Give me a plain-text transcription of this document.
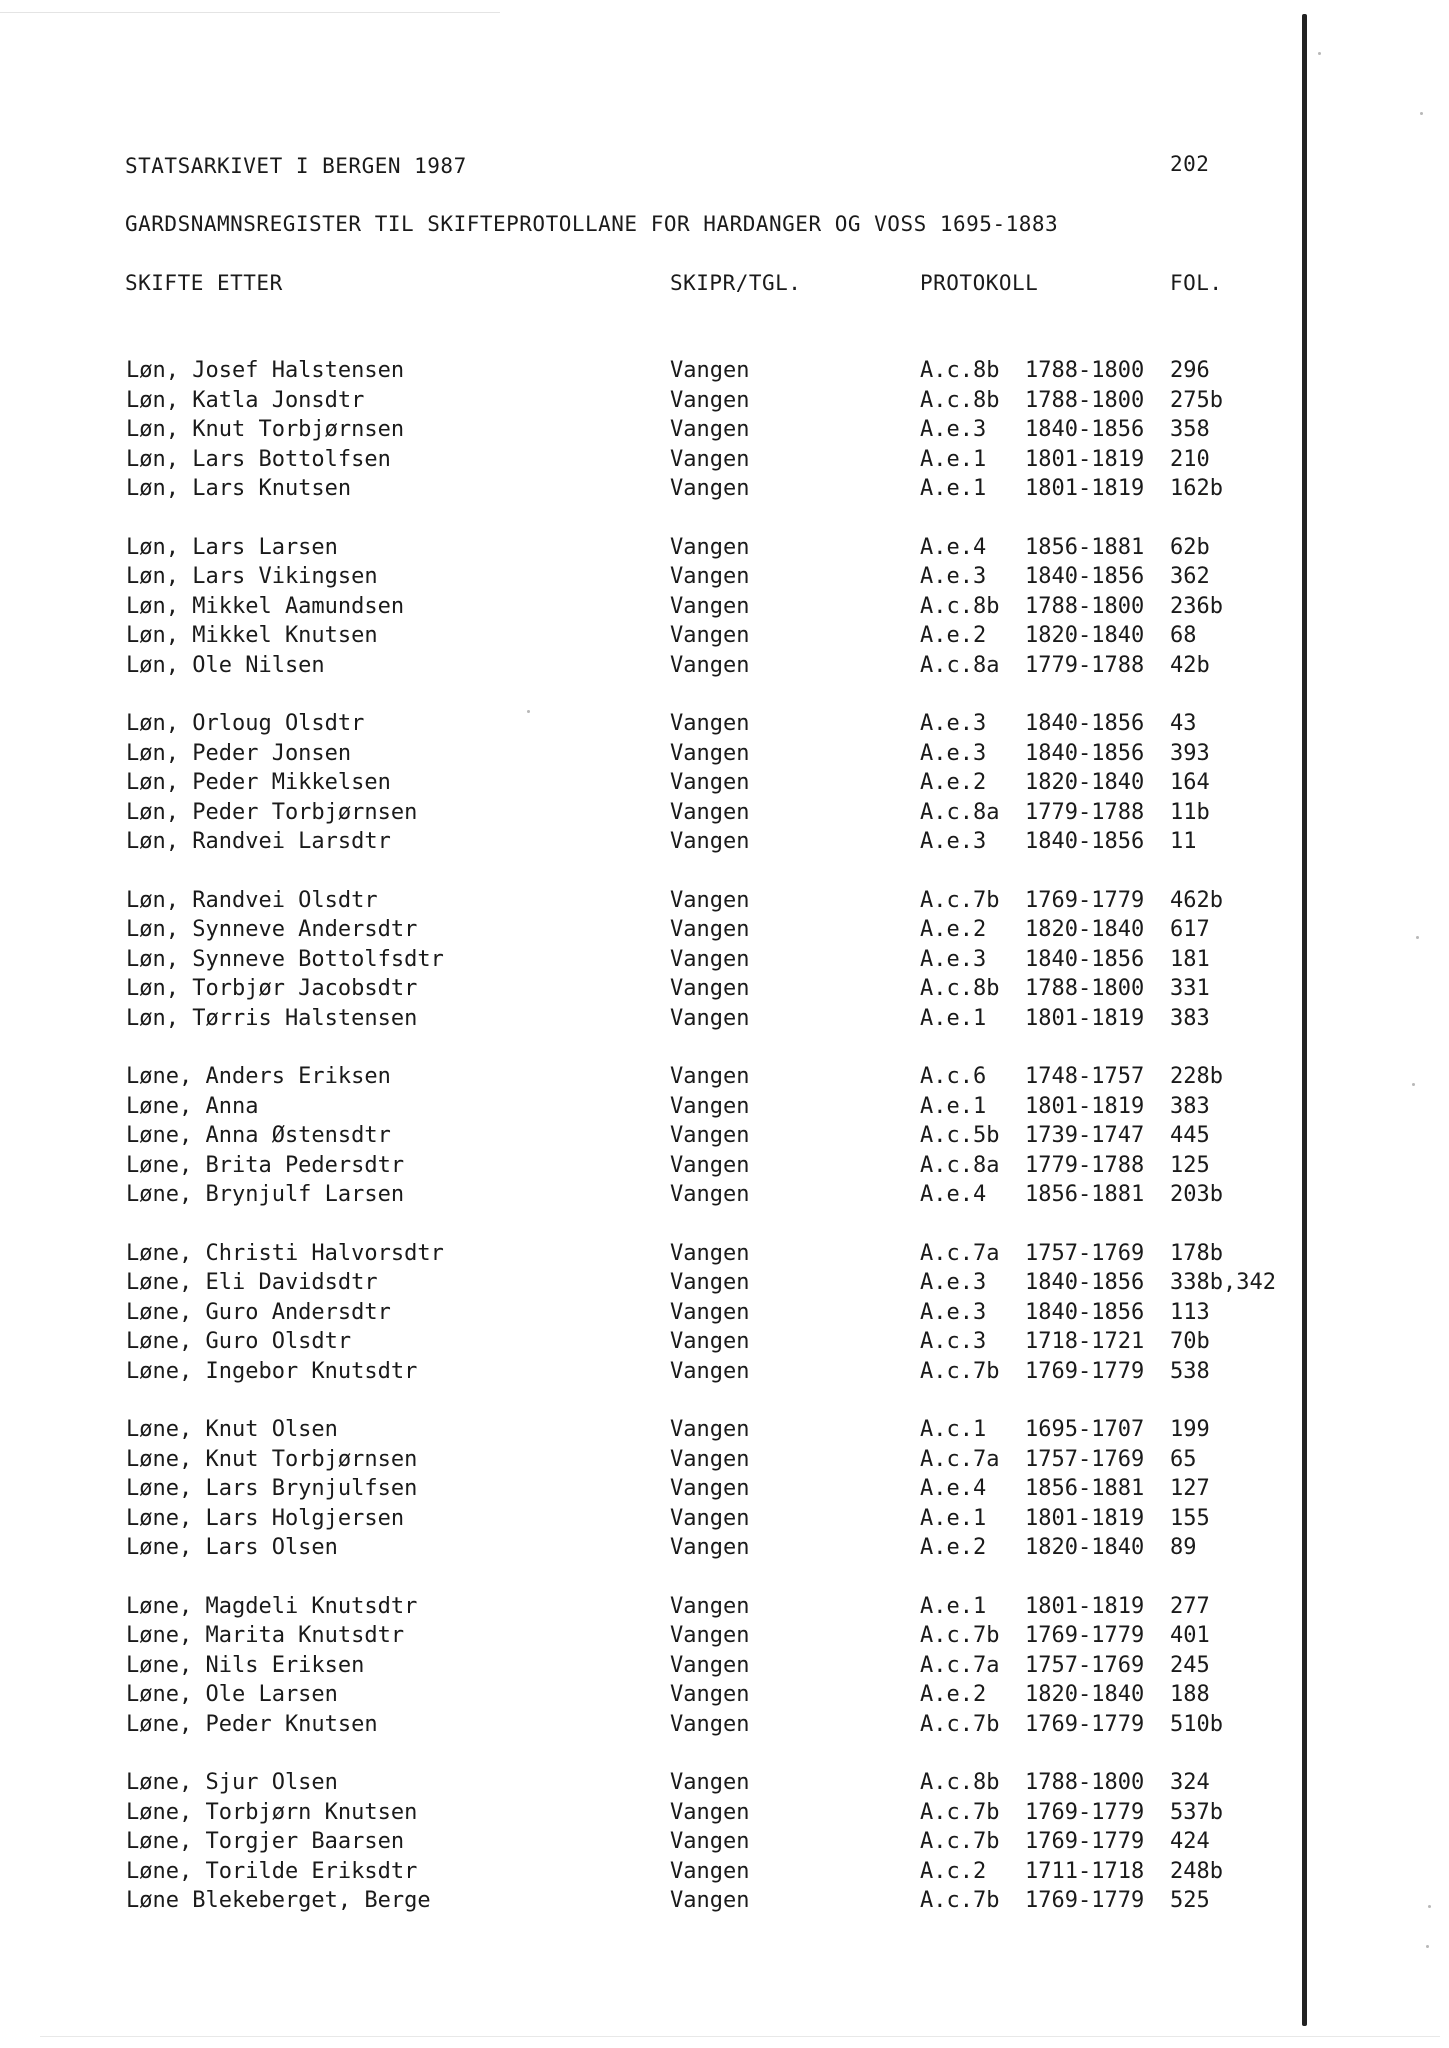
STATSARKIVET I BERGEN 1987	202
GARDSNAMNSREGISTER TIL SKIFTEPROTOLLANE FOR HARDANGER OG VOSS 1695-1883
SKIFTE ETTER	SKIPR/TGL.	PROTOKOLL	FOL.
Løn, Josef Halstensen	Vangen	A.c.8b 1788-1800 296
Løn, Katla Jonsdtr	Vangen	A.c.8b 1788-1800 275b
Løn, Knut Torbjørnsen	Vangen	A.e.3 1840-1856 358
Løn, Lars Bottolfsen	Vangen	A.e.1 1801-1819 210
Løn, Lars Knutsen	Vangen	A.e.1 1801-1819 162b
Løn, Lars Larsen	Vangen	A.e.4 1856-1881 62b
Løn, Lars Vikingsen	Vangen	A.e.3 1840-1856 362
Løn, Mikkel Aamundsen	Vangen	A.c.8b 1788-1800 236b
Løn, Mikkel Knutsen	Vangen	A.e.2 1820-1840 68
Løn, Ole Nilsen	Vangen	A.c.8a 1779-1788 42b
Løn, Orloug Olsdtr	Vangen	A.e.3 1840-1856 43
Løn, Peder Jonsen	Vangen	A.e.3 1840-1856 393
Løn, Peder Mikkelsen	Vangen	A.e.2 1820-1840 164
Løn, Peder Torbjørnsen	Vangen	A.c.8a 1779-1788 11b
Løn, Randvei Larsdtr	Vangen	A.e.3 1840-1856 11
Løn, Randvei Olsdtr	Vangen	A.c.7b 1769-1779 462b
Løn, Synneve Andersdtr	Vangen	A.e.2 1820-1840 617
Løn, Synneve Bottolfsdtr	Vangen	A.e.3 1840-1856 181
Løn, Torbjør Jacobsdtr	Vangen	A.c.8b 1788-1800 331
Løn, Tørris Halstensen	Vangen	A.e.1 1801-1819 383
Løne, Anders Eriksen	Vangen	A.c.6 1748-1757 228b
Løne, Anna	Vangen	A.e.1 1801-1819 383
Løne, Anna Østensdtr	Vangen	A.c.5b 1739-1747 445
Løne, Brita Pedersdtr	Vangen	A.c.8a 1779-1788 125
Løne, Brynjulf Larsen	Vangen	A.e.4 1856-1881 203b
Løne, Christi Halvorsdtr	Vangen	A.c.7a 1757-1769 178b
Løne, Eli Davidsdtr	Vangen	A.e.3 1840-1856 338b,342
Løne, Guro Andersdtr	Vangen	A.e.3 1840-1856 113
Løne, Guro Olsdtr	Vangen	A.c.3 1718-1721 70b
Løne, Ingebor Knutsdtr	Vangen	A.c.7b 1769-1779 538
Løne, Knut Olsen	Vangen	A.c.1 1695-1707 199
Løne, Knut Torbjørnsen	Vangen	A.c.7a 1757-1769 65
Løne, Lars Brynjulfsen	Vangen	A.e.4 1856-1881 127
Løne, Lars Holgjersen	Vangen	A.e.1 1801-1819 155
Løne, Lars Olsen	Vangen	A.e.2 1820-1840 89
Løne, Magdeli Knutsdtr	Vangen	A.e.1 1801-1819 277
Løne, Marita Knutsdtr	Vangen	A.c.7b 1769-1779 401
Løne, Nils Eriksen	Vangen	A.c.7a 1757-1769 245
Løne, Ole Larsen	Vangen	A.e.2 1820-1840 188
Løne, Peder Knutsen	Vangen	A.c.7b 1769-1779 510b
Løne, Sjur Olsen	Vangen	A.c.8b 1788-1800 324
Løne, Torbjørn Knutsen	Vangen	A.c.7b 1769-1779 537b
Løne, Torgjer Baarsen	Vangen	A.c.7b 1769-1779 424
Løne, Torilde Eriksdtr	Vangen	A.c.2 1711-1718 248b
Løne Blekeberget, Berge	Vangen	A.c.7b 1769-1779 525
